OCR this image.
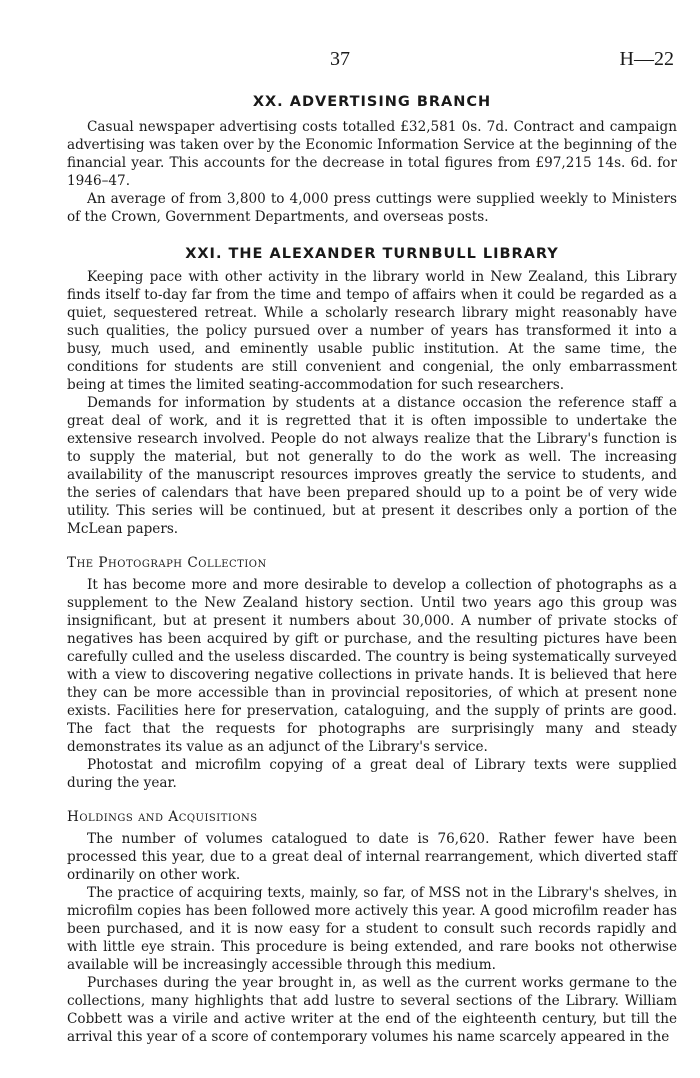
37	H—22
XX. ADVERTISING BRANCH

Casual newspaper advertising costs totalled £32,581 0s. 7d. Contract and campaign advertising was taken over by the Economic Information Service at the beginning of the financial year. This accounts for the decrease in total figures from £97,215 14s. 6d. for 1946–47.

An average of from 3,800 to 4,000 press cuttings were supplied weekly to Ministers of the Crown, Government Departments, and overseas posts.

XXI. THE ALEXANDER TURNBULL LIBRARY

Keeping pace with other activity in the library world in New Zealand, this Library finds itself to-day far from the time and tempo of affairs when it could be regarded as a quiet, sequestered retreat. While a scholarly research library might reasonably have such qualities, the policy pursued over a number of years has transformed it into a busy, much used, and eminently usable public institution. At the same time, the conditions for students are still convenient and congenial, the only embarrassment being at times the limited seating-accommodation for such researchers.

Demands for information by students at a distance occasion the reference staff a great deal of work, and it is regretted that it is often impossible to undertake the extensive research involved. People do not always realize that the Library's function is to supply the material, but not generally to do the work as well. The increasing availability of the manuscript resources improves greatly the service to students, and the series of calendars that have been prepared should up to a point be of very wide utility. This series will be continued, but at present it describes only a portion of the McLean papers.

The Photograph Collection

It has become more and more desirable to develop a collection of photographs as a supplement to the New Zealand history section. Until two years ago this group was insignificant, but at present it numbers about 30,000. A number of private stocks of negatives has been acquired by gift or purchase, and the resulting pictures have been carefully culled and the useless discarded. The country is being systematically surveyed with a view to discovering negative collections in private hands. It is believed that here they can be more accessible than in provincial repositories, of which at present none exists. Facilities here for preservation, cataloguing, and the supply of prints are good. The fact that the requests for photographs are surprisingly many and steady demonstrates its value as an adjunct of the Library's service.

Photostat and microfilm copying of a great deal of Library texts were supplied during the year.

Holdings and Acquisitions

The number of volumes catalogued to date is 76,620. Rather fewer have been processed this year, due to a great deal of internal rearrangement, which diverted staff ordinarily on other work.

The practice of acquiring texts, mainly, so far, of MSS not in the Library's shelves, in microfilm copies has been followed more actively this year. A good microfilm reader has been purchased, and it is now easy for a student to consult such records rapidly and with little eye strain. This procedure is being extended, and rare books not otherwise available will be increasingly accessible through this medium.

Purchases during the year brought in, as well as the current works germane to the collections, many highlights that add lustre to several sections of the Library. William Cobbett was a virile and active writer at the end of the eighteenth century, but till the arrival this year of a score of contemporary volumes his name scarcely appeared in the
